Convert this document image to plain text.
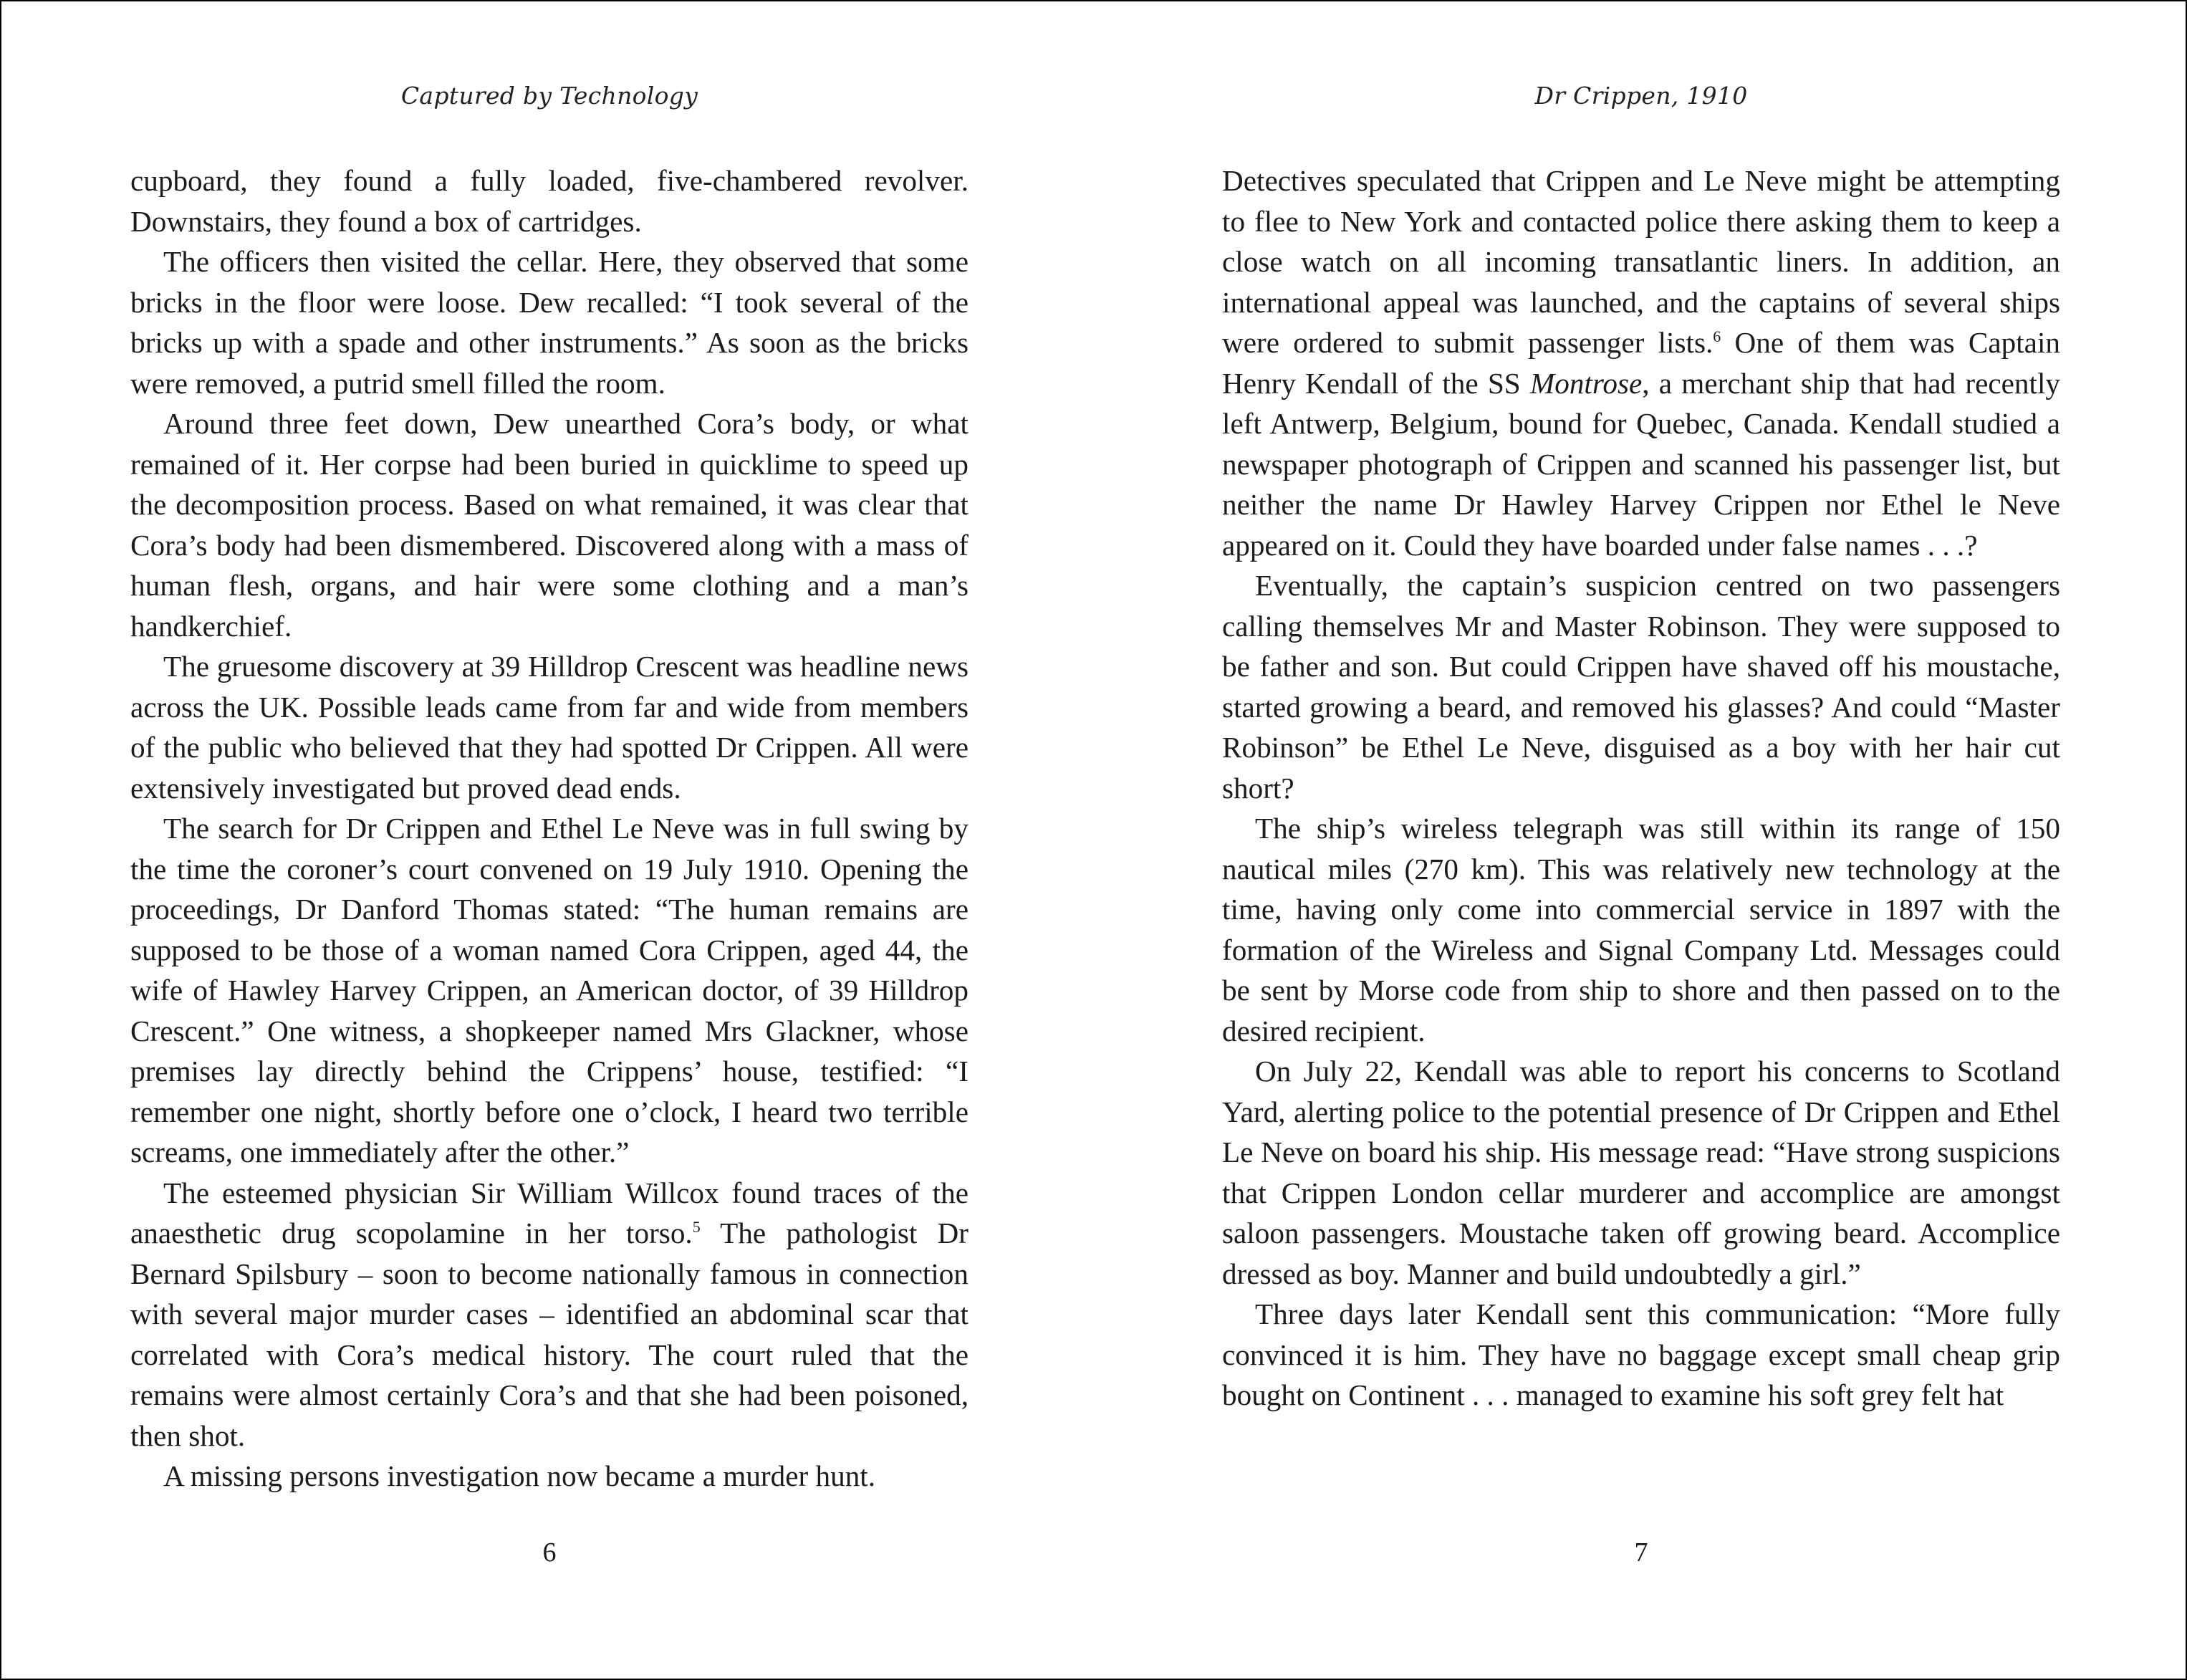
Captured by Technology

cupboard, they found a fully loaded, five-chambered revolver. Downstairs, they found a box of cartridges.

The officers then visited the cellar. Here, they observed that some bricks in the floor were loose. Dew recalled: “I took several of the bricks up with a spade and other instruments.” As soon as the bricks were removed, a putrid smell filled the room.

Around three feet down, Dew unearthed Cora’s body, or what remained of it. Her corpse had been buried in quicklime to speed up the decomposition process. Based on what remained, it was clear that Cora’s body had been dismembered. Discovered along with a mass of human flesh, organs, and hair were some clothing and a man’s handkerchief.

The gruesome discovery at 39 Hilldrop Crescent was headline news across the UK. Possible leads came from far and wide from members of the public who believed that they had spotted Dr Crippen. All were extensively investigated but proved dead ends.

The search for Dr Crippen and Ethel Le Neve was in full swing by the time the coroner’s court convened on 19 July 1910. Opening the proceedings, Dr Danford Thomas stated: “The human remains are supposed to be those of a woman named Cora Crippen, aged 44, the wife of Hawley Harvey Crippen, an American doctor, of 39 Hilldrop Crescent.” One witness, a shopkeeper named Mrs Glackner, whose premises lay directly behind the Crippens’ house, testified: “I remember one night, shortly before one o’clock, I heard two terrible screams, one immediately after the other.”

The esteemed physician Sir William Willcox found traces of the anaesthetic drug scopolamine in her torso.$^5$ The pathologist Dr Bernard Spilsbury – soon to become nationally famous in connection with several major murder cases – identified an abdominal scar that correlated with Cora’s medical history. The court ruled that the remains were almost certainly Cora’s and that she had been poisoned, then shot.

A missing persons investigation now became a murder hunt.

6
Dr Crippen, 1910

Detectives speculated that Crippen and Le Neve might be attempting to flee to New York and contacted police there asking them to keep a close watch on all incoming transatlantic liners. In addition, an international appeal was launched, and the captains of several ships were ordered to submit passenger lists.$^6$ One of them was Captain Henry Kendall of the SS Montrose, a merchant ship that had recently left Antwerp, Belgium, bound for Quebec, Canada. Kendall studied a newspaper photograph of Crippen and scanned his passenger list, but neither the name Dr Hawley Harvey Crippen nor Ethel le Neve appeared on it. Could they have boarded under false names . . .?

Eventually, the captain’s suspicion centred on two passengers calling themselves Mr and Master Robinson. They were supposed to be father and son. But could Crippen have shaved off his moustache, started growing a beard, and removed his glasses? And could “Master Robinson” be Ethel Le Neve, disguised as a boy with her hair cut short?

The ship’s wireless telegraph was still within its range of 150 nautical miles (270 km). This was relatively new technology at the time, having only come into commercial service in 1897 with the formation of the Wireless and Signal Company Ltd. Messages could be sent by Morse code from ship to shore and then passed on to the desired recipient.

On July 22, Kendall was able to report his concerns to Scotland Yard, alerting police to the potential presence of Dr Crippen and Ethel Le Neve on board his ship. His message read: “Have strong suspicions that Crippen London cellar murderer and accomplice are amongst saloon passengers. Moustache taken off growing beard. Accomplice dressed as boy. Manner and build undoubtedly a girl.”

Three days later Kendall sent this communication: “More fully convinced it is him. They have no baggage except small cheap grip bought on Continent . . . managed to examine his soft grey felt hat

7
